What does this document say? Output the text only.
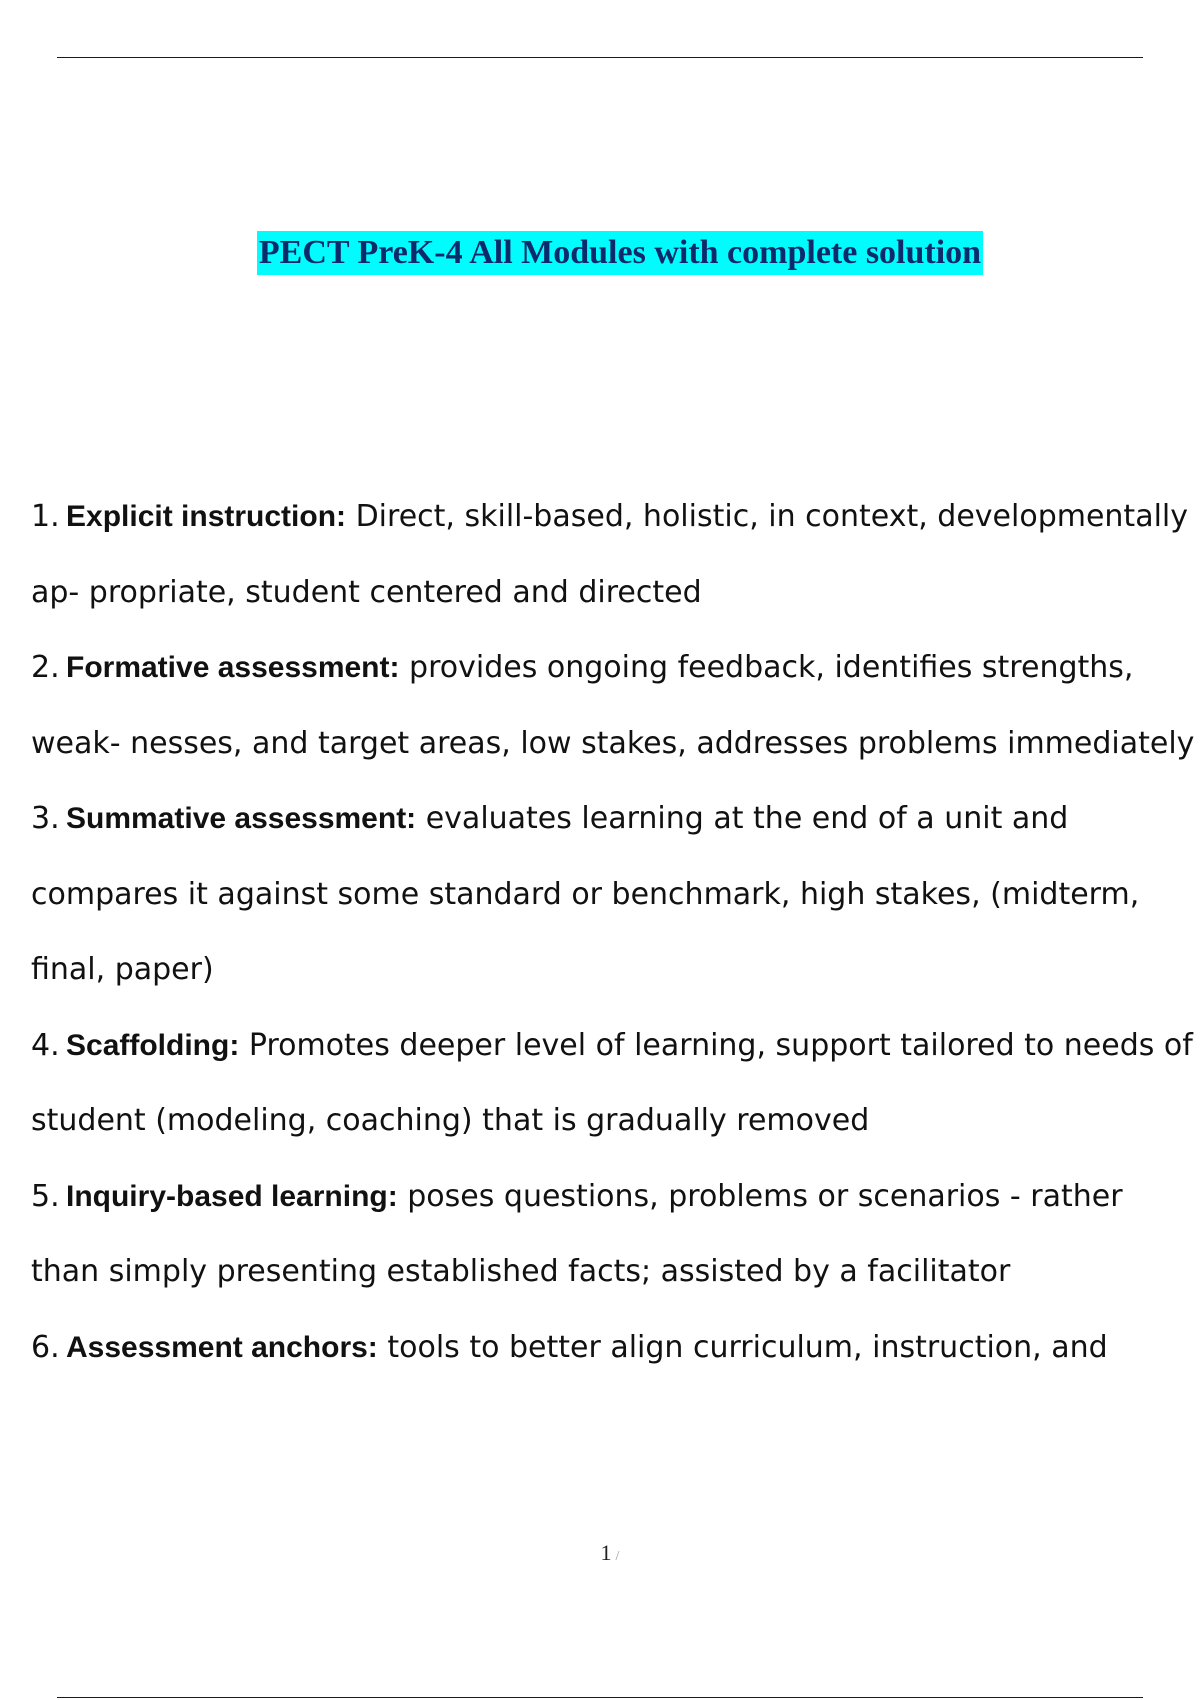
PECT PreK-4 All Modules with complete solution

1. Explicit instruction: Direct, skill-based, holistic, in context, developmentally ap- propriate, student centered and directed

2. Formative assessment: provides ongoing feedback, identifies strengths, weak- nesses, and target areas, low stakes, addresses problems immediately

3. Summative assessment: evaluates learning at the end of a unit and compares it against some standard or benchmark, high stakes, (midterm, final, paper)

4. Scaffolding: Promotes deeper level of learning, support tailored to needs of student (modeling, coaching) that is gradually removed

5. Inquiry-based learning: poses questions, problems or scenarios - rather than simply presenting established facts; assisted by a facilitator

6. Assessment anchors: tools to better align curriculum, instruction, and

1 /
